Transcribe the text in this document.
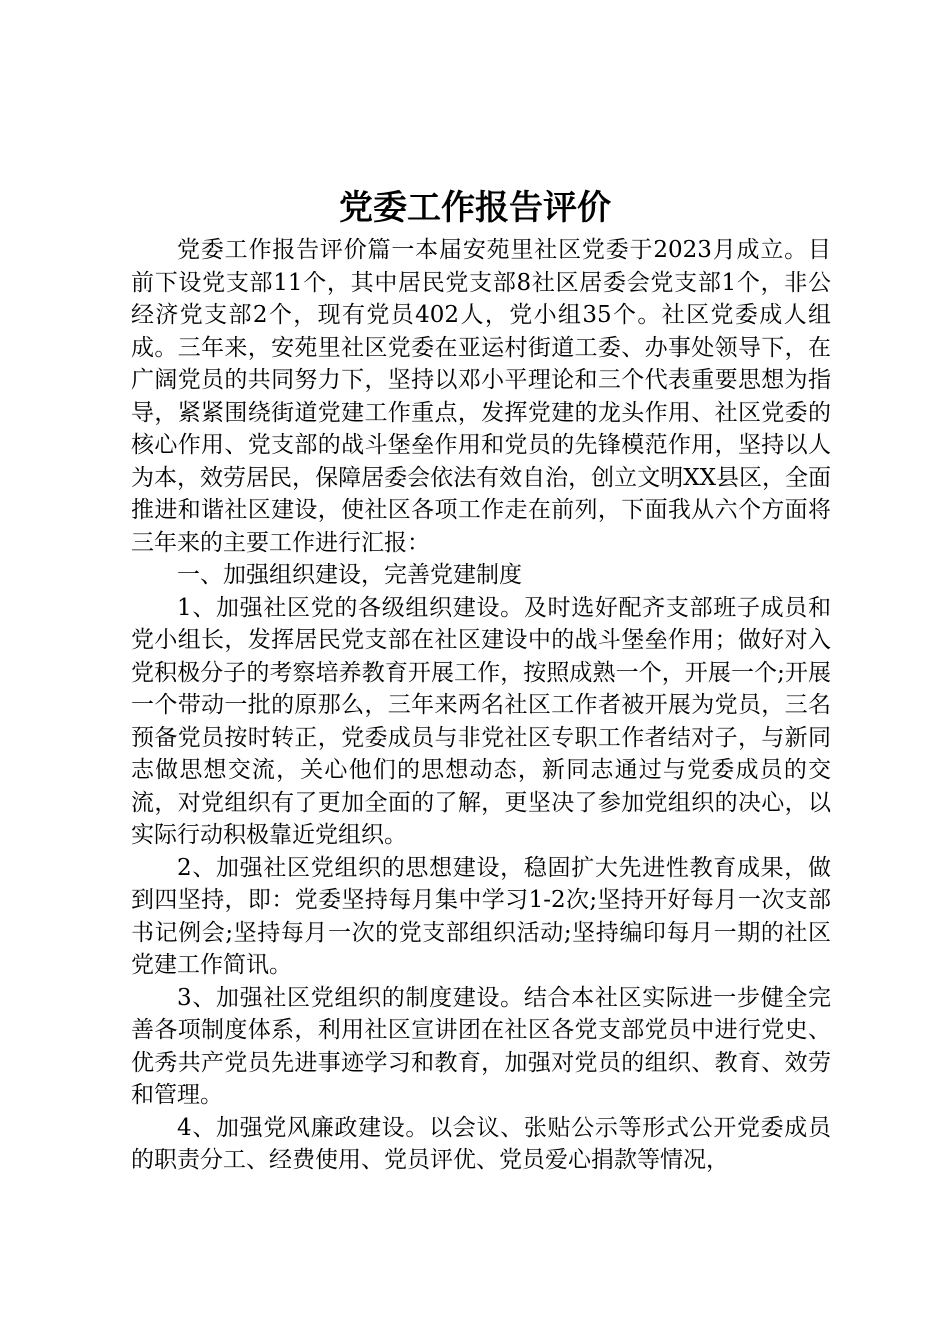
党委工作报告评价

党委工作报告评价篇一本届安苑里社区党委于2023月成立。目前下设党支部11个，其中居民党支部8社区居委会党支部1个，非公经济党支部2个，现有党员402人，党小组35个。社区党委成人组成。三年来，安苑里社区党委在亚运村街道工委、办事处领导下，在广阔党员的共同努力下，坚持以邓小平理论和三个代表重要思想为指导，紧紧围绕街道党建工作重点，发挥党建的龙头作用、社区党委的核心作用、党支部的战斗堡垒作用和党员的先锋模范作用，坚持以人为本，效劳居民，保障居委会依法有效自治，创立文明XX县区，全面推进和谐社区建设，使社区各项工作走在前列，下面我从六个方面将三年来的主要工作进行汇报：

一、加强组织建设，完善党建制度

1、加强社区党的各级组织建设。及时选好配齐支部班子成员和党小组长，发挥居民党支部在社区建设中的战斗堡垒作用；做好对入党积极分子的考察培养教育开展工作，按照成熟一个，开展一个;开展一个带动一批的原那么，三年来两名社区工作者被开展为党员，三名预备党员按时转正，党委成员与非党社区专职工作者结对子，与新同志做思想交流，关心他们的思想动态，新同志通过与党委成员的交流，对党组织有了更加全面的了解，更坚决了参加党组织的决心，以实际行动积极靠近党组织。

2、加强社区党组织的思想建设，稳固扩大先进性教育成果，做到四坚持，即：党委坚持每月集中学习1-2次;坚持开好每月一次支部书记例会;坚持每月一次的党支部组织活动;坚持编印每月一期的社区党建工作简讯。

3、加强社区党组织的制度建设。结合本社区实际进一步健全完善各项制度体系，利用社区宣讲团在社区各党支部党员中进行党史、优秀共产党员先进事迹学习和教育，加强对党员的组织、教育、效劳和管理。

4、加强党风廉政建设。以会议、张贴公示等形式公开党委成员的职责分工、经费使用、党员评优、党员爱心捐款等情况，
